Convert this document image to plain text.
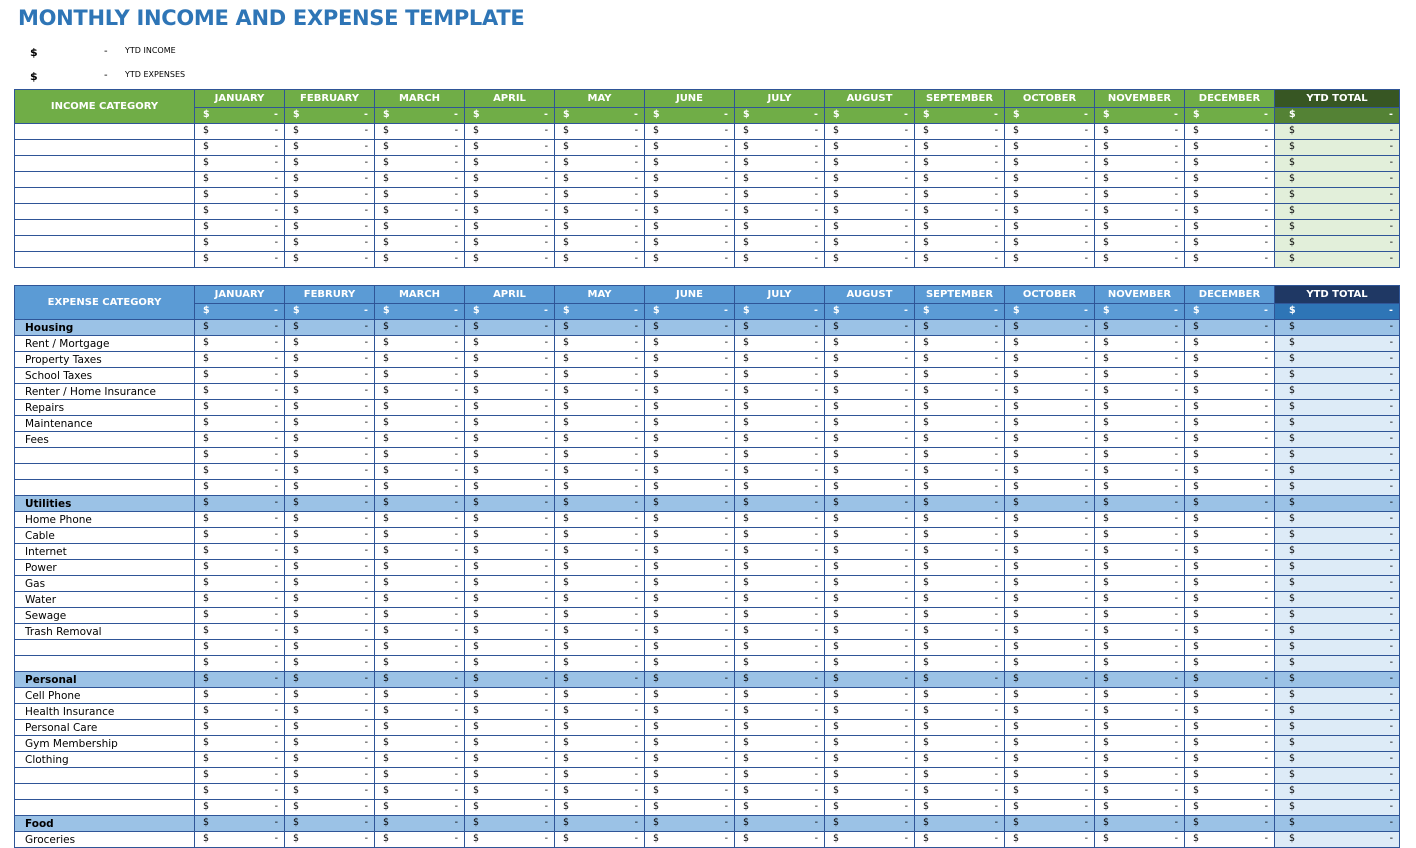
MONTHLY INCOME AND EXPENSE TEMPLATE
$	- YTD INCOME
$	- YTD EXPENSES
INCOME CATEGORY	JANUARY	FEBRUARY	MARCH	APRIL	MAY	JUNE	JULY	AUGUST	SEPTEMBER	OCTOBER	NOVEMBER	DECEMBER	YTD TOTAL

	$ -	$ -	$ -	$ -	$ -	$ -	$ -	$ -	$ -	$ -	$ -	$ -	$ -

	$ -	$ -	$ -	$ -	$ -	$ -	$ -	$ -	$ -	$ -	$ -	$ -	$ -

	$ -	$ -	$ -	$ -	$ -	$ -	$ -	$ -	$ -	$ -	$ -	$ -	$ -

	$ -	$ -	$ -	$ -	$ -	$ -	$ -	$ -	$ -	$ -	$ -	$ -	$ -

	$ -	$ -	$ -	$ -	$ -	$ -	$ -	$ -	$ -	$ -	$ -	$ -	$ -

	$ -	$ -	$ -	$ -	$ -	$ -	$ -	$ -	$ -	$ -	$ -	$ -	$ -

	$ -	$ -	$ -	$ -	$ -	$ -	$ -	$ -	$ -	$ -	$ -	$ -	$ -

	$ -	$ -	$ -	$ -	$ -	$ -	$ -	$ -	$ -	$ -	$ -	$ -	$ -

	$ -	$ -	$ -	$ -	$ -	$ -	$ -	$ -	$ -	$ -	$ -	$ -	$ -

	$ -	$ -	$ -	$ -	$ -	$ -	$ -	$ -	$ -	$ -	$ -	$ -	$ -
EXPENSE CATEGORY	JANUARY	FEBRURY	MARCH	APRIL	MAY	JUNE	JULY	AUGUST	SEPTEMBER	OCTOBER	NOVEMBER	DECEMBER	YTD TOTAL

	$ -	$ -	$ -	$ -	$ -	$ -	$ -	$ -	$ -	$ -	$ -	$ -	$ -

Housing	$ -	$ -	$ -	$ -	$ -	$ -	$ -	$ -	$ -	$ -	$ -	$ -	$ -

Rent / Mortgage	$ -	$ -	$ -	$ -	$ -	$ -	$ -	$ -	$ -	$ -	$ -	$ -	$ -

Property Taxes	$ -	$ -	$ -	$ -	$ -	$ -	$ -	$ -	$ -	$ -	$ -	$ -	$ -

School Taxes	$ -	$ -	$ -	$ -	$ -	$ -	$ -	$ -	$ -	$ -	$ -	$ -	$ -

Renter / Home Insurance	$ -	$ -	$ -	$ -	$ -	$ -	$ -	$ -	$ -	$ -	$ -	$ -	$ -

Repairs	$ -	$ -	$ -	$ -	$ -	$ -	$ -	$ -	$ -	$ -	$ -	$ -	$ -

Maintenance	$ -	$ -	$ -	$ -	$ -	$ -	$ -	$ -	$ -	$ -	$ -	$ -	$ -

Fees	$ -	$ -	$ -	$ -	$ -	$ -	$ -	$ -	$ -	$ -	$ -	$ -	$ -

	$ -	$ -	$ -	$ -	$ -	$ -	$ -	$ -	$ -	$ -	$ -	$ -	$ -

	$ -	$ -	$ -	$ -	$ -	$ -	$ -	$ -	$ -	$ -	$ -	$ -	$ -

	$ -	$ -	$ -	$ -	$ -	$ -	$ -	$ -	$ -	$ -	$ -	$ -	$ -

Utilities	$ -	$ -	$ -	$ -	$ -	$ -	$ -	$ -	$ -	$ -	$ -	$ -	$ -

Home Phone	$ -	$ -	$ -	$ -	$ -	$ -	$ -	$ -	$ -	$ -	$ -	$ -	$ -

Cable	$ -	$ -	$ -	$ -	$ -	$ -	$ -	$ -	$ -	$ -	$ -	$ -	$ -

Internet	$ -	$ -	$ -	$ -	$ -	$ -	$ -	$ -	$ -	$ -	$ -	$ -	$ -

Power	$ -	$ -	$ -	$ -	$ -	$ -	$ -	$ -	$ -	$ -	$ -	$ -	$ -

Gas	$ -	$ -	$ -	$ -	$ -	$ -	$ -	$ -	$ -	$ -	$ -	$ -	$ -

Water	$ -	$ -	$ -	$ -	$ -	$ -	$ -	$ -	$ -	$ -	$ -	$ -	$ -

Sewage	$ -	$ -	$ -	$ -	$ -	$ -	$ -	$ -	$ -	$ -	$ -	$ -	$ -

Trash Removal	$ -	$ -	$ -	$ -	$ -	$ -	$ -	$ -	$ -	$ -	$ -	$ -	$ -

	$ -	$ -	$ -	$ -	$ -	$ -	$ -	$ -	$ -	$ -	$ -	$ -	$ -

	$ -	$ -	$ -	$ -	$ -	$ -	$ -	$ -	$ -	$ -	$ -	$ -	$ -

Personal	$ -	$ -	$ -	$ -	$ -	$ -	$ -	$ -	$ -	$ -	$ -	$ -	$ -

Cell Phone	$ -	$ -	$ -	$ -	$ -	$ -	$ -	$ -	$ -	$ -	$ -	$ -	$ -

Health Insurance	$ -	$ -	$ -	$ -	$ -	$ -	$ -	$ -	$ -	$ -	$ -	$ -	$ -

Personal Care	$ -	$ -	$ -	$ -	$ -	$ -	$ -	$ -	$ -	$ -	$ -	$ -	$ -

Gym Membership	$ -	$ -	$ -	$ -	$ -	$ -	$ -	$ -	$ -	$ -	$ -	$ -	$ -

Clothing	$ -	$ -	$ -	$ -	$ -	$ -	$ -	$ -	$ -	$ -	$ -	$ -	$ -

	$ -	$ -	$ -	$ -	$ -	$ -	$ -	$ -	$ -	$ -	$ -	$ -	$ -

	$ -	$ -	$ -	$ -	$ -	$ -	$ -	$ -	$ -	$ -	$ -	$ -	$ -

	$ -	$ -	$ -	$ -	$ -	$ -	$ -	$ -	$ -	$ -	$ -	$ -	$ -

Food	$ -	$ -	$ -	$ -	$ -	$ -	$ -	$ -	$ -	$ -	$ -	$ -	$ -

Groceries	$ -	$ -	$ -	$ -	$ -	$ -	$ -	$ -	$ -	$ -	$ -	$ -	$ -
